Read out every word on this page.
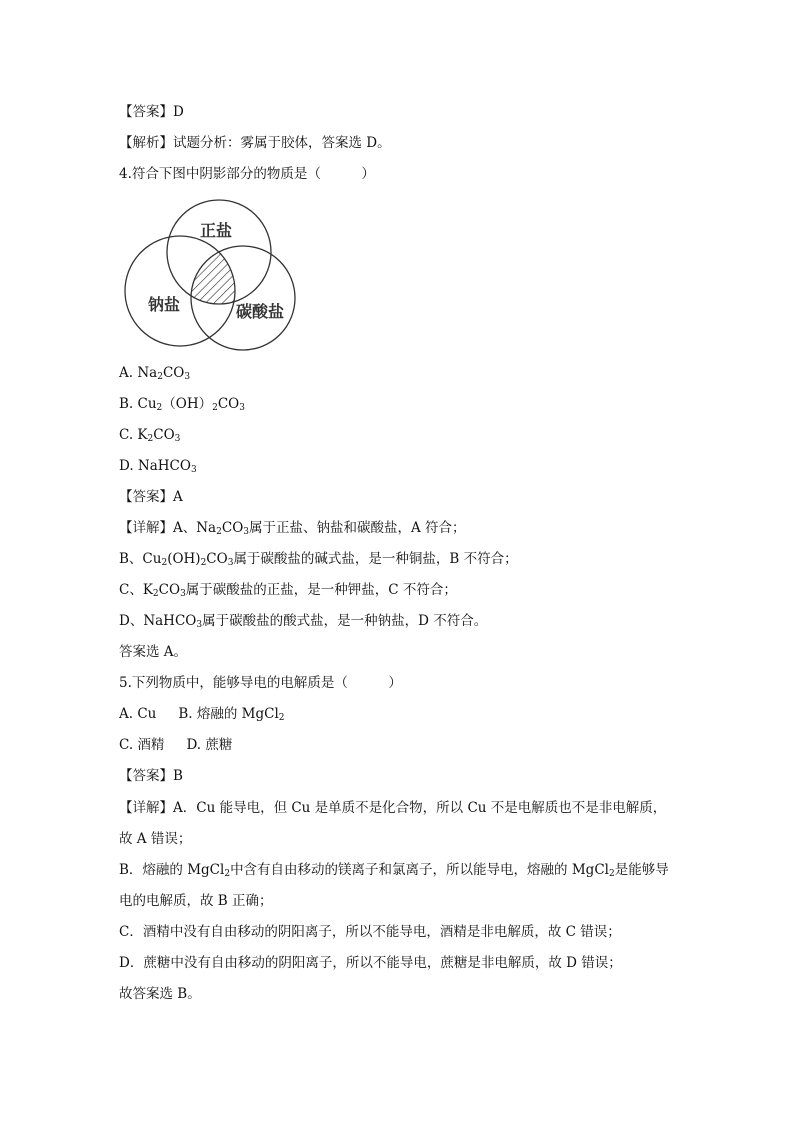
【答案】D
【解析】试题分析：雾属于胶体，答案选 D。
4.符合下图中阴影部分的物质是（　　　）
正盐
钠盐	碳酸盐
A. $Na_2CO_3$
B. $Cu_2(OH)_2CO_3$
C. $K_2CO_3$
D. NaHCO$_3$
【答案】A
【详解】A、$Na_2CO_3$属于正盐、钠盐和碳酸盐，A 符合；
B、$Cu_2(OH)_2CO_3$属于碳酸盐的碱式盐，是一种铜盐，B 不符合；
C、$K_2CO_3$属于碳酸盐的正盐，是一种钾盐，C 不符合；
D、NaHCO$_3$属于碳酸盐的酸式盐，是一种钠盐，D 不符合。
答案选 A。
5.下列物质中，能够导电的电解质是（　　　）
A. Cu B. 熔融的 MgCl$_2$
C. 酒精 D. 蔗糖
【答案】B
【详解】A．Cu 能导电，但 Cu 是单质不是化合物，所以 Cu 不是电解质也不是非电解质，故 A 错误；
B．熔融的 MgCl$_2$中含有自由移动的镁离子和氯离子，所以能导电，熔融的 MgCl$_2$是能够导电的电解质，故 B 正确；
C．酒精中没有自由移动的阴阳离子，所以不能导电，酒精是非电解质，故 C 错误；
D．蔗糖中没有自由移动的阴阳离子，所以不能导电，蔗糖是非电解质，故 D 错误；
故答案选 B。
